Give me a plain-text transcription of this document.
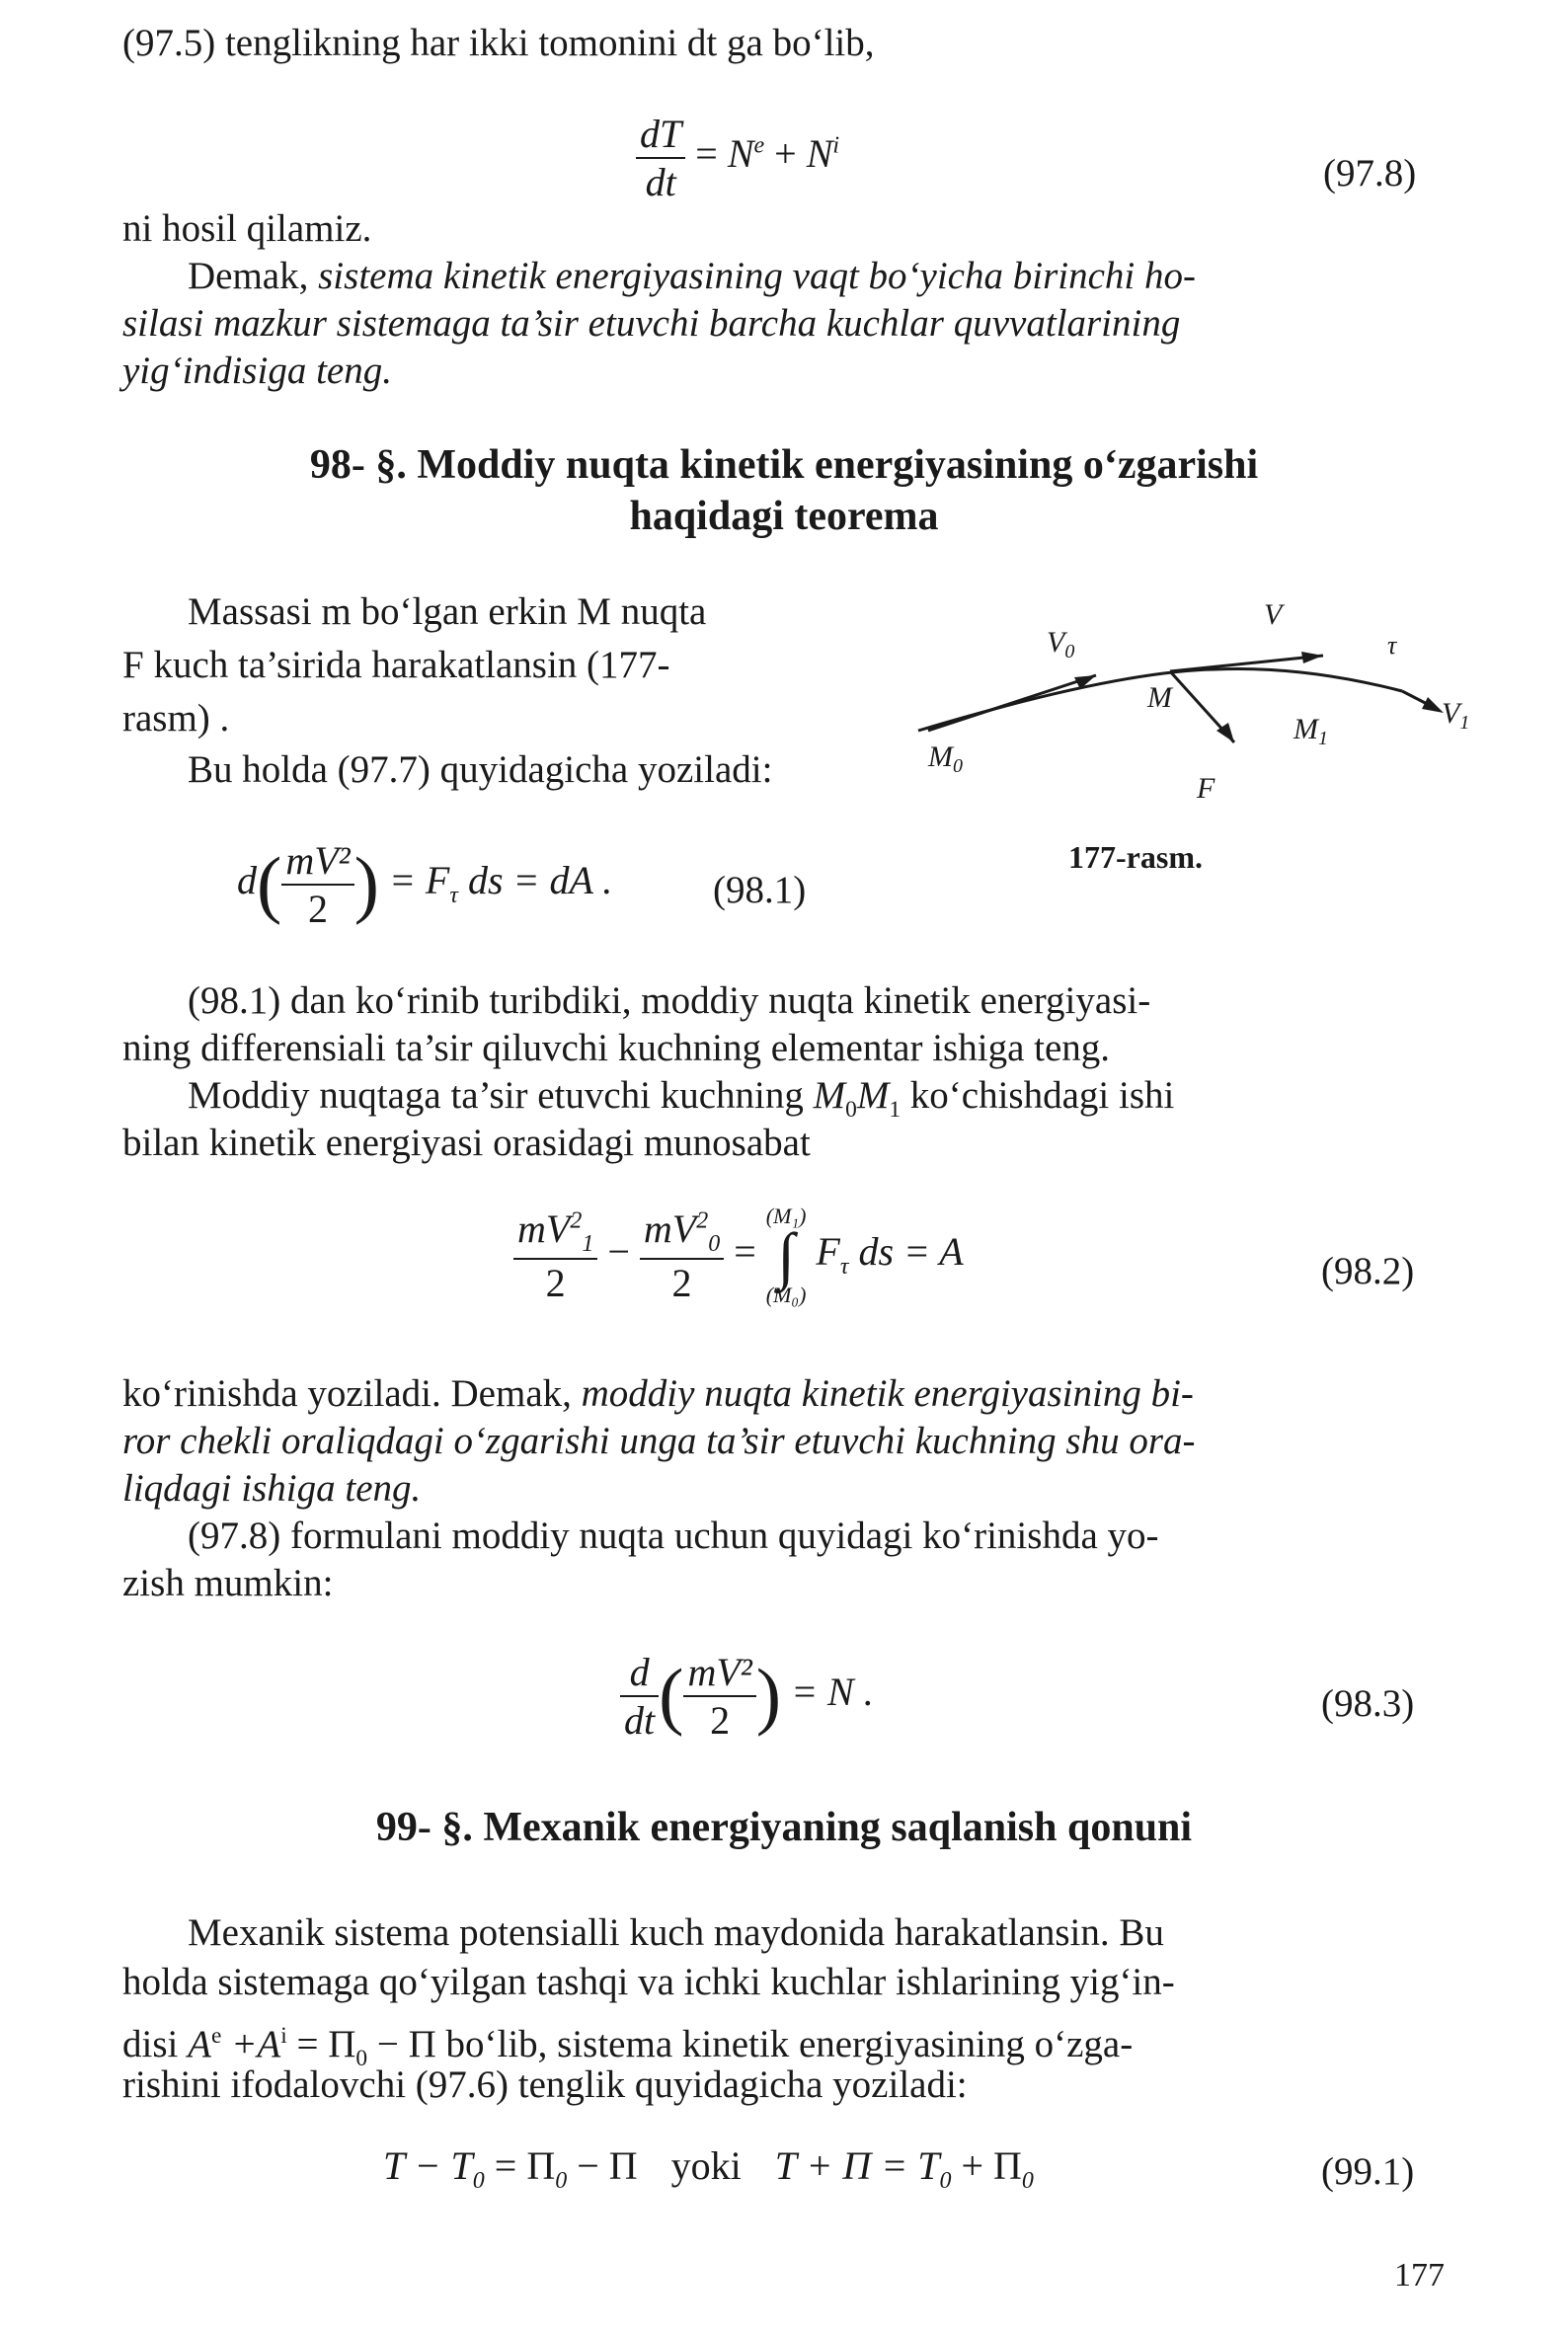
(97.5) tenglikning har ikki tomonini dt ga bo‘lib,
$\frac{dT}{dt} = N^e + N^i$
(97.8)
ni hosil qilamiz.
Demak, sistema kinetik energiyasining vaqt bo‘yicha birinchi ho-
silasi mazkur sistemaga ta’sir etuvchi barcha kuchlar quvvatlarining
yig‘indisiga teng.
98- §. Moddiy nuqta kinetik energiyasining o‘zgarishi
haqidagi teorema
Massasi m bo‘lgan erkin M nuqta
F kuch ta’sirida harakatlansin (177-
rasm) .
Bu holda (97.7) quyidagicha yoziladi:
$V_0$
V
τ
M
$M_0$
$M_1$
$V_1$
F
177-rasm.
$d( \frac{\text{mV²}}{2}$ ) = $F_\tau$ ds = dA .	(98.1)
(98.1) dan ko‘rinib turibdiki, moddiy nuqta kinetik energiyasi-
ning differensiali ta’sir qiluvchi kuchning elementar ishiga teng.
Moddiy nuqtaga ta’sir etuvchi kuchning $M_0M_1$ ko‘chishdagi ishi
bilan kinetik energiyasi orasidagi munosabat
$\frac{mV^2_1}{2} - \frac{mV^2_0}{2}$ =
(M₁)
∫
(M₀)
$F_\tau$ ds = A	(98.2)
ko‘rinishda yoziladi. Demak, moddiy nuqta kinetik energiyasining bi-
ror chekli oraliqdagi o‘zgarishi unga ta’sir etuvchi kuchning shu ora-
liqdagi ishiga teng.
(97.8) formulani moddiy nuqta uchun quyidagi ko‘rinishda yo-
zish mumkin:
$\frac{d}{dt}$ ( $\frac{\text{mV²}}{2}$ ) = N .	(98.3)
99- §. Mexanik energiyaning saqlanish qonuni
Mexanik sistema potensialli kuch maydonida harakatlansin. Bu
holda sistemaga qo‘yilgan tashqi va ichki kuchlar ishlarining yig‘in-
disi $A^e +A^i = \Pi_0 - \Pi$ bo‘lib, sistema kinetik energiyasining o‘zga-
rishini ifodalovchi (97.6) tenglik quyidagicha yoziladi:
$T - T_0 = \Pi_0 - \Pi$ yoki $T + \Pi = T_0 + \Pi_0$	(99.1)
177
